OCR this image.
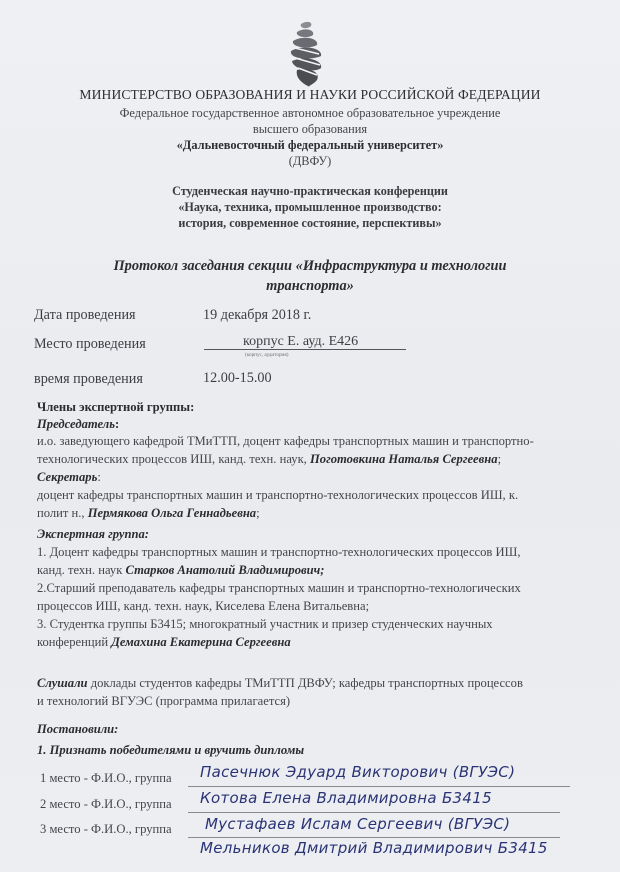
МИНИСТЕРСТВО ОБРАЗОВАНИЯ И НАУКИ РОССИЙСКОЙ ФЕДЕРАЦИИ
Федеральное государственное автономное образовательное учреждение
высшего образования
«Дальневосточный федеральный университет»
(ДВФУ)
Студенческая научно-практическая конференции
«Наука, техника, промышленное производство:
история, современное состояние, перспективы»
Протокол заседания секции «Инфраструктура и технологии
транспорта»
Дата проведения	19 декабря 2018 г.
Место проведения	корпус Е. ауд. Е426
(корпус, аудитория)
время проведения	12.00-15.00
Члены экспертной группы:
Председатель:
и.о. заведующего кафедрой ТМиТТП, доцент кафедры транспортных машин и транспортно-
технологических процессов ИШ, канд. техн. наук, Поготовкина Наталья Сергеевна;
Секретарь:
доцент кафедры транспортных машин и транспортно-технологических процессов ИШ, к.
полит н., Пермякова Ольга Геннадьевна;
Экспертная группа:
1. Доцент кафедры транспортных машин и транспортно-технологических процессов ИШ,
канд. техн. наук Старков Анатолий Владимирович;
2.Старший преподаватель кафедры транспортных машин и транспортно-технологических
процессов ИШ, канд. техн. наук, Киселева Елена Витальевна;
3. Студентка группы Б3415; многократный участник и призер студенческих научных
конференций Демахина Екатерина Сергеевна
Слушали доклады студентов кафедры ТМиТТП ДВФУ; кафедры транспортных процессов
и технологий ВГУЭС (программа прилагается)
Постановили:
1. Признать победителями и вручить дипломы
1 место - Ф.И.О., группа Пасечнюк Эдуард Викторович (ВГУЭС)
2 место - Ф.И.О., группа Котова Елена Владимировна Б3415
3 место - Ф.И.О., группа Мустафаев Ислам Сергеевич (ВГУЭС)
Мельников Дмитрий Владимирович Б3415
